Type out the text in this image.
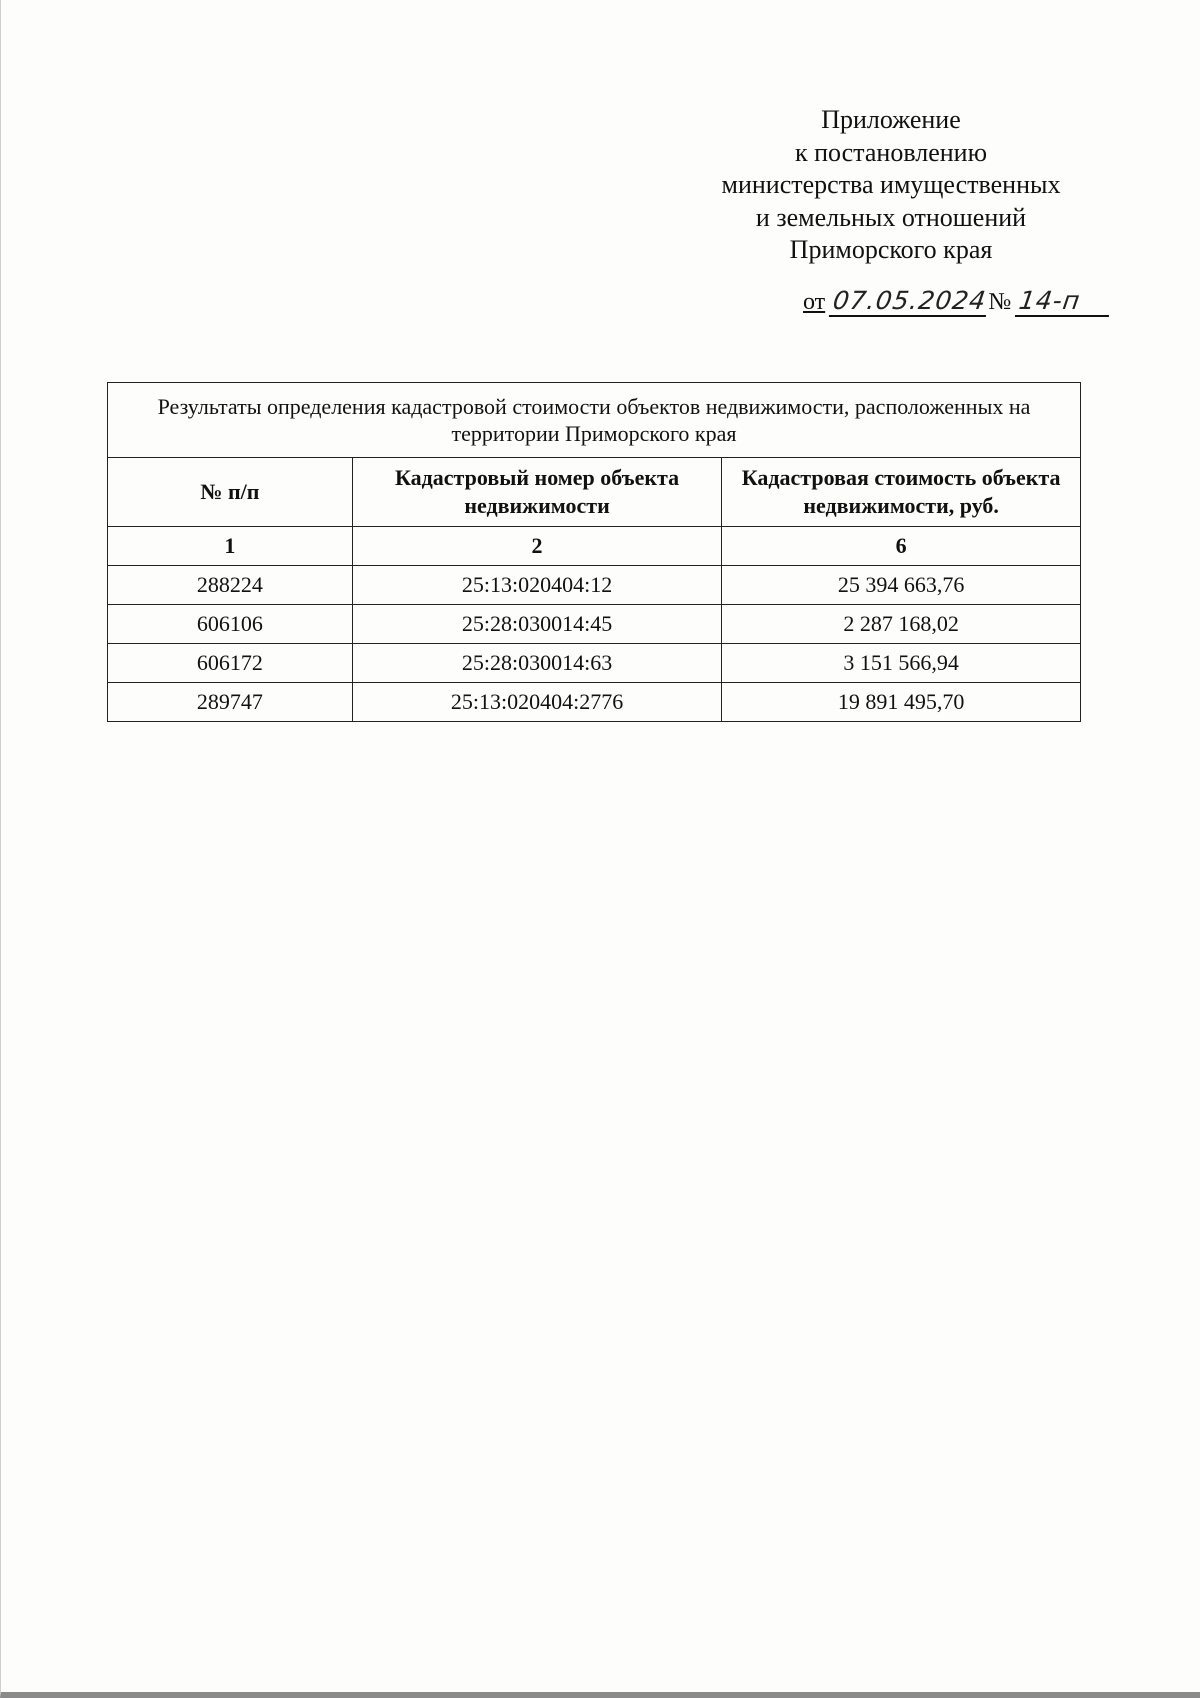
Приложение
к постановлению
министерства имущественных
и земельных отношений
Приморского края
от 07.05.2024№ 14-п
Результаты определения кадастровой стоимости объектов недвижимости, расположенных на территории Приморского края		
№ п/п	Кадастровый номер объекта недвижимости	Кадастровая стоимость объекта недвижимости, руб.
1	2	6
288224	25:13:020404:12	25 394 663,76
606106	25:28:030014:45	2 287 168,02
606172	25:28:030014:63	3 151 566,94
289747	25:13:020404:2776	19 891 495,70
